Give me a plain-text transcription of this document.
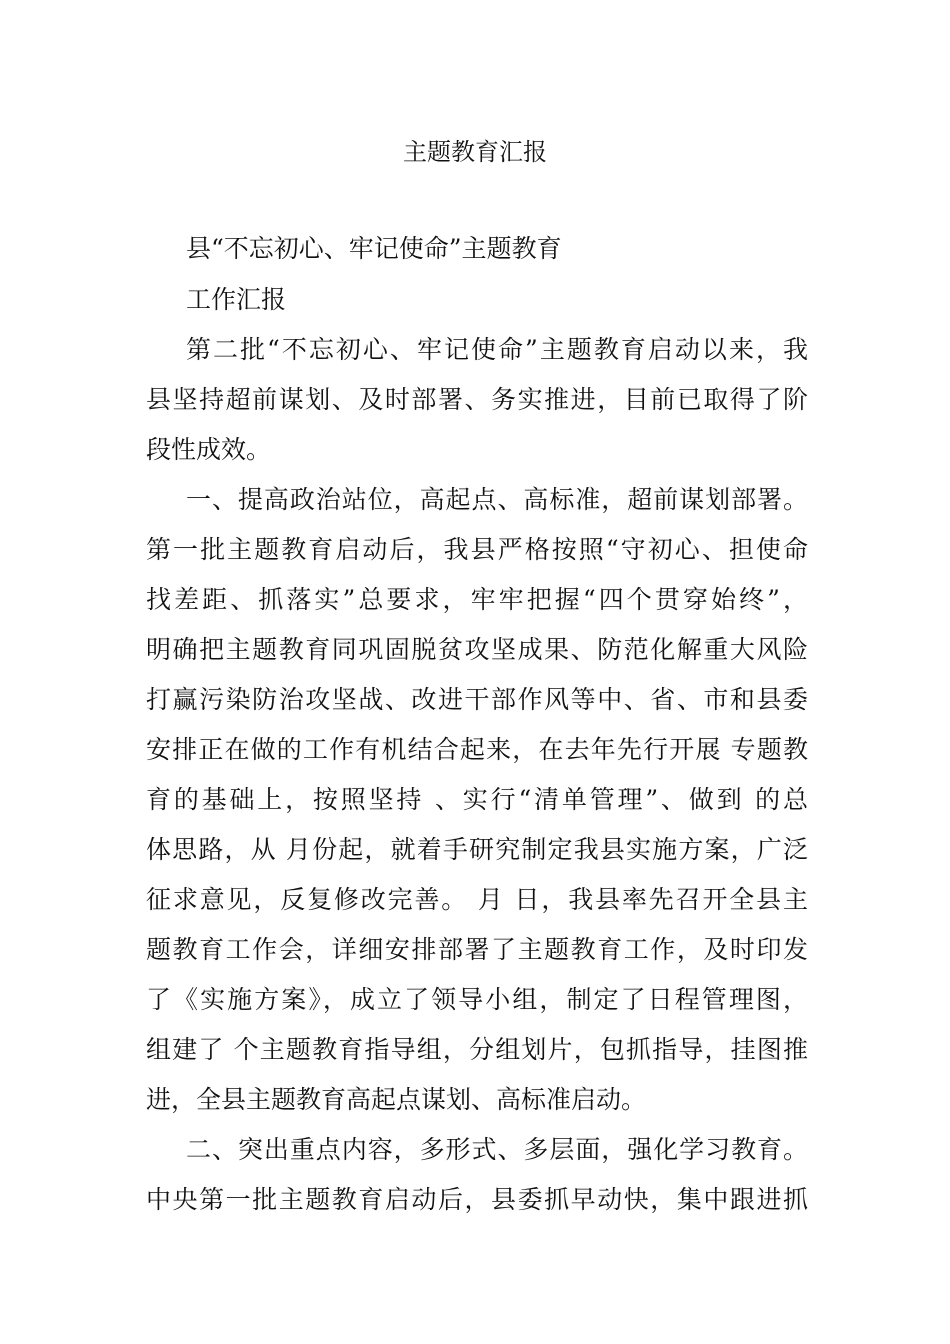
主题教育汇报

县“不忘初心、牢记使命”主题教育

工作汇报

第二批“不忘初心、牢记使命”主题教育启动以来，我

县坚持超前谋划、及时部署、务实推进，目前已取得了阶

段性成效。

一、提高政治站位，高起点、高标准，超前谋划部署。

第一批主题教育启动后，我县严格按照“守初心、担使命

找差距、抓落实”总要求，牢牢把握“四个贯穿始终”，

明确把主题教育同巩固脱贫攻坚成果、防范化解重大风险

打赢污染防治攻坚战、改进干部作风等中、省、市和县委

安排正在做的工作有机结合起来，在去年先行开展 专题教

育的基础上，按照坚持 、实行“清单管理”、做到 的总

体思路，从 月份起，就着手研究制定我县实施方案，广泛

征求意见，反复修改完善。 月 日，我县率先召开全县主

题教育工作会，详细安排部署了主题教育工作，及时印发

了《实施方案》，成立了领导小组，制定了日程管理图，

组建了 个主题教育指导组，分组划片，包抓指导，挂图推

进，全县主题教育高起点谋划、高标准启动。

二、突出重点内容，多形式、多层面，强化学习教育。

中央第一批主题教育启动后，县委抓早动快，集中跟进抓
